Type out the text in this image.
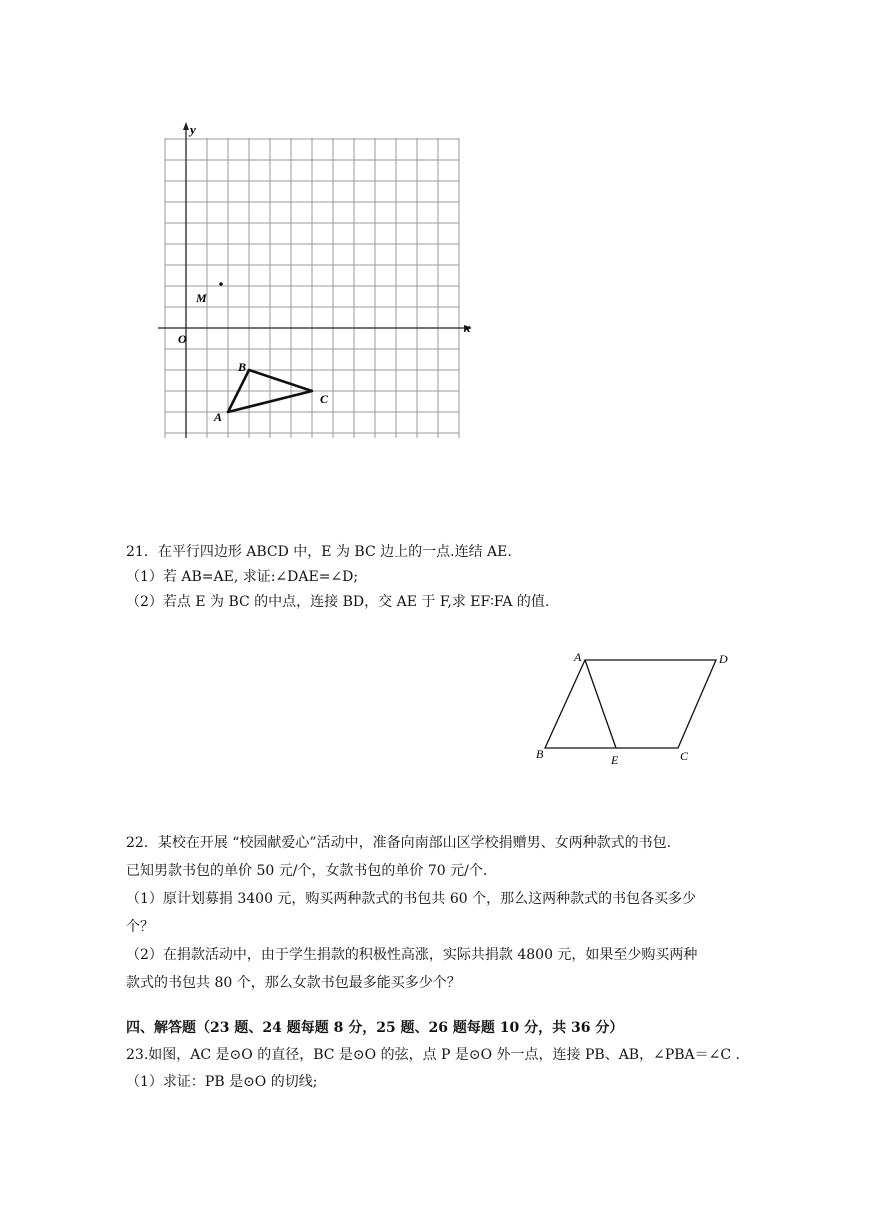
y
x
O
M
A
B
C
21．在平行四边形 ABCD 中，E 为 BC 边上的一点.连结 AE.
（1）若 AB=AE, 求证:∠DAE=∠D;
（2）若点 E 为 BC 的中点，连接 BD，交 AE 于 F,求 EF∶FA 的值.
A	D
B	E	C
22．某校在开展 “校园献爱心”活动中，准备向南部山区学校捐赠男、女两种款式的书包.
已知男款书包的单价 50 元/个，女款书包的单价 70 元/个.
（1）原计划募捐 3400 元，购买两种款式的书包共 60 个，那么这两种款式的书包各买多少
个？
（2）在捐款活动中，由于学生捐款的积极性高涨，实际共捐款 4800 元，如果至少购买两种
款式的书包共 80 个，那么女款书包最多能买多少个？
四、解答题（23 题、24 题每题 8 分，25 题、26 题每题 10 分，共 36 分）
23.如图，AC 是⊙O 的直径，BC 是⊙O 的弦，点 P 是⊙O 外一点，连接 PB、AB，∠PBA＝∠C .
（1）求证：PB 是⊙O 的切线;
